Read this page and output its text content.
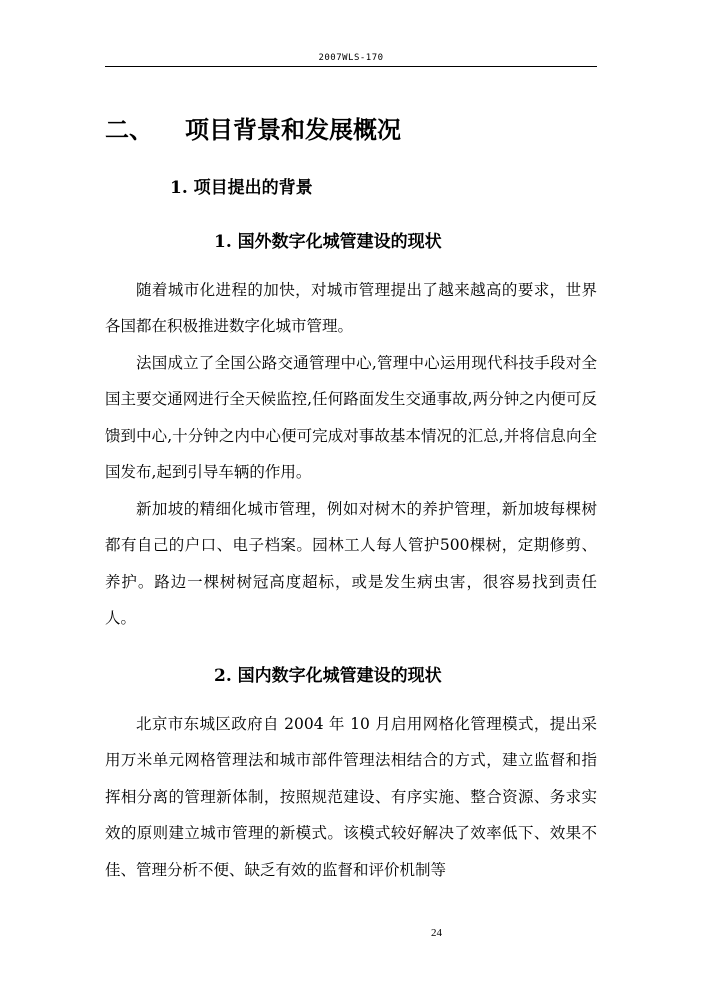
2007WLS-170
二、 项目背景和发展概况
1. 项目提出的背景
1. 国外数字化城管建设的现状

随着城市化进程的加快，对城市管理提出了越来越高的要求，世界各国都在积极推进数字化城市管理。

法国成立了全国公路交通管理中心,管理中心运用现代科技手段对全国主要交通网进行全天候监控,任何路面发生交通事故,两分钟之内便可反馈到中心,十分钟之内中心便可完成对事故基本情况的汇总,并将信息向全国发布,起到引导车辆的作用。

新加坡的精细化城市管理，例如对树木的养护管理，新加坡每棵树都有自己的户口、电子档案。园林工人每人管护500棵树，定期修剪、养护。路边一棵树树冠高度超标，或是发生病虫害，很容易找到责任人。

2. 国内数字化城管建设的现状

北京市东城区政府自 2004 年 10 月启用网格化管理模式，提出采用万米单元网格管理法和城市部件管理法相结合的方式，建立监督和指挥相分离的管理新体制，按照规范建设、有序实施、整合资源、务求实效的原则建立城市管理的新模式。该模式较好解决了效率低下、效果不佳、管理分析不便、缺乏有效的监督和评价机制等

24
